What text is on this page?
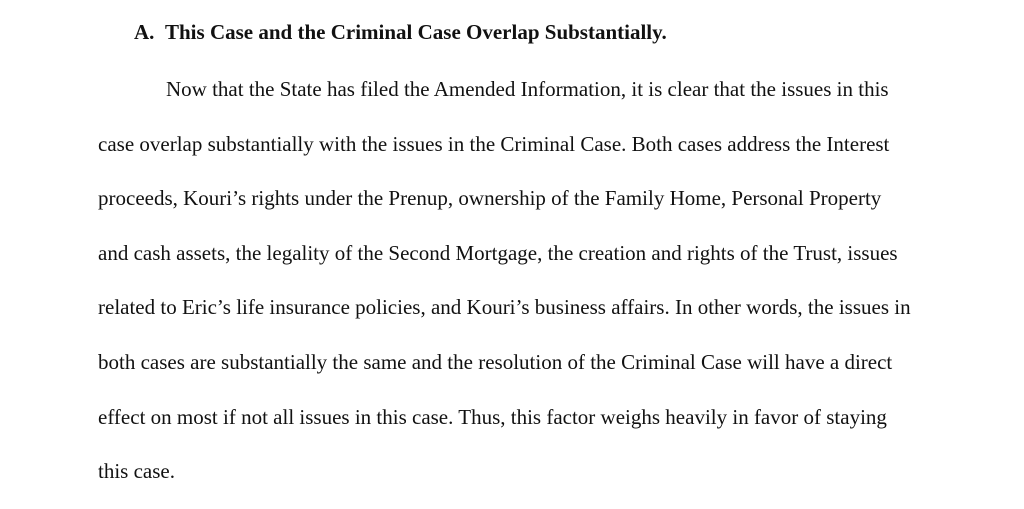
A. This Case and the Criminal Case Overlap Substantially.
Now that the State has filed the Amended Information, it is clear that the issues in this
case overlap substantially with the issues in the Criminal Case. Both cases address the Interest
proceeds, Kouri’s rights under the Prenup, ownership of the Family Home, Personal Property
and cash assets, the legality of the Second Mortgage, the creation and rights of the Trust, issues
related to Eric’s life insurance policies, and Kouri’s business affairs. In other words, the issues in
both cases are substantially the same and the resolution of the Criminal Case will have a direct
effect on most if not all issues in this case. Thus, this factor weighs heavily in favor of staying
this case.
